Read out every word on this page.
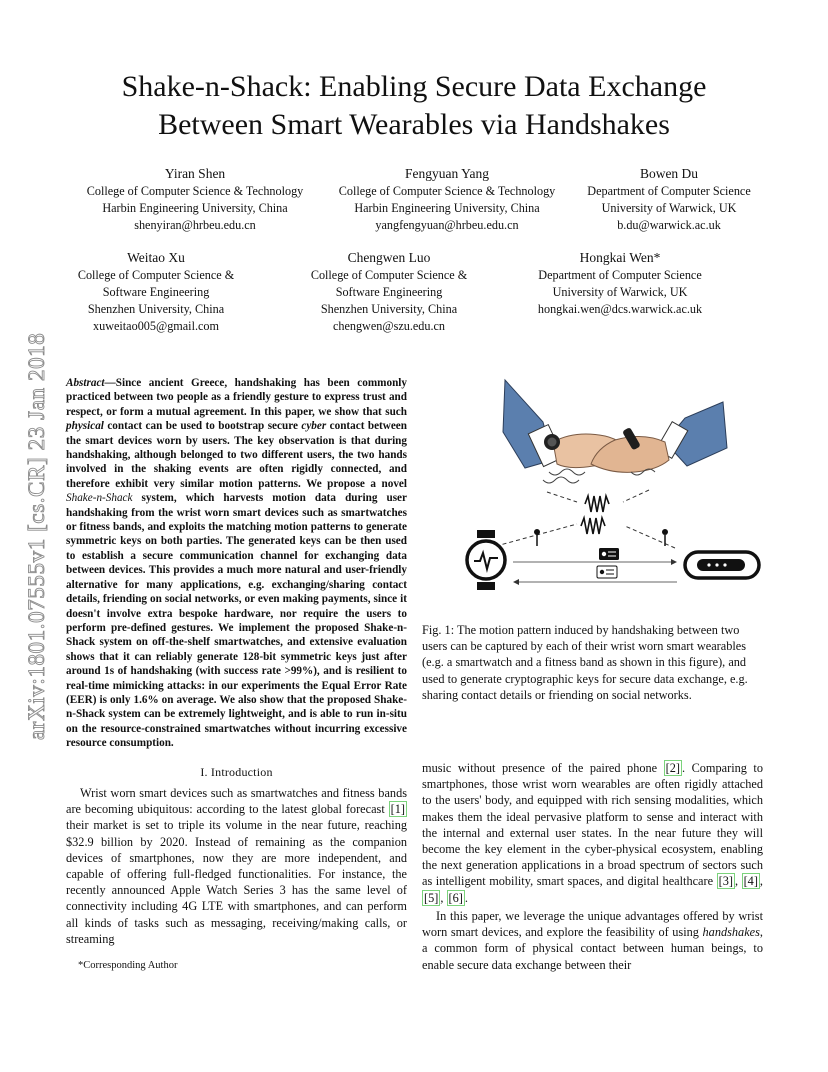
arXiv:1801.07555v1 [cs.CR] 23 Jan 2018
Shake-n-Shack: Enabling Secure Data Exchange
Between Smart Wearables via Handshakes
Yiran Shen
College of Computer Science & Technology
Harbin Engineering University, China
shenyiran@hrbeu.edu.cn
Fengyuan Yang
College of Computer Science & Technology
Harbin Engineering University, China
yangfengyuan@hrbeu.edu.cn
Bowen Du
Department of Computer Science
University of Warwick, UK
b.du@warwick.ac.uk
Weitao Xu
College of Computer Science &
Software Engineering
Shenzhen University, China
xuweitao005@gmail.com
Chengwen Luo
College of Computer Science &
Software Engineering
Shenzhen University, China
chengwen@szu.edu.cn
Hongkai Wen*
Department of Computer Science
University of Warwick, UK
hongkai.wen@dcs.warwick.ac.uk

Abstract—Since ancient Greece, handshaking has been commonly practiced between two people as a friendly gesture to express trust and respect, or form a mutual agreement. In this paper, we show that such physical contact can be used to bootstrap secure cyber contact between the smart devices worn by users. The key observation is that during handshaking, although belonged to two different users, the two hands involved in the shaking events are often rigidly connected, and therefore exhibit very similar motion patterns. We propose a novel Shake-n-Shack system, which harvests motion data during user handshaking from the wrist worn smart devices such as smartwatches or fitness bands, and exploits the matching motion patterns to generate symmetric keys on both parties. The generated keys can be then used to establish a secure communication channel for exchanging data between devices. This provides a much more natural and user-friendly alternative for many applications, e.g. exchanging/sharing contact details, friending on social networks, or even making payments, since it doesn't involve extra bespoke hardware, nor require the users to perform pre-defined gestures. We implement the proposed Shake-n-Shack system on off-the-shelf smartwatches, and extensive evaluation shows that it can reliably generate 128-bit symmetric keys just after around 1s of handshaking (with success rate >99%), and is resilient to real-time mimicking attacks: in our experiments the Equal Error Rate (EER) is only 1.6% on average. We also show that the proposed Shake-n-Shack system can be extremely lightweight, and is able to run in-situ on the resource-constrained smartwatches without incurring excessive resource consumption.

I. Introduction

Wrist worn smart devices such as smartwatches and fitness bands are becoming ubiquitous: according to the latest global forecast [1] their market is set to triple its volume in the near future, reaching $32.9 billion by 2020. Instead of remaining as the companion devices of smartphones, now they are more independent, and capable of offering full-fledged functionalities. For instance, the recently announced Apple Watch Series 3 has the same level of connectivity including 4G LTE with smartphones, and can perform all kinds of tasks such as messaging, receiving/making calls, or streaming

*Corresponding Author

Fig. 1: The motion pattern induced by handshaking between two users can be captured by each of their wrist worn smart wearables (e.g. a smartwatch and a fitness band as shown in this figure), and used to generate cryptographic keys for secure data exchange, e.g. sharing contact details or friending on social networks.

music without presence of the paired phone [2] . Comparing to smartphones, those wrist worn wearables are often rigidly attached to the users' body, and equipped with rich sensing modalities, which makes them the ideal pervasive platform to sense and interact with the internal and external user states. In the near future they will become the key element in the cyber-physical ecosystem, enabling the next generation applications in a broad spectrum of sectors such as intelligent mobility, smart spaces, and digital healthcare [3] , [4] , [5] , [6] .

In this paper, we leverage the unique advantages offered by wrist worn smart devices, and explore the feasibility of using handshakes, a common form of physical contact between human beings, to enable secure data exchange between their
